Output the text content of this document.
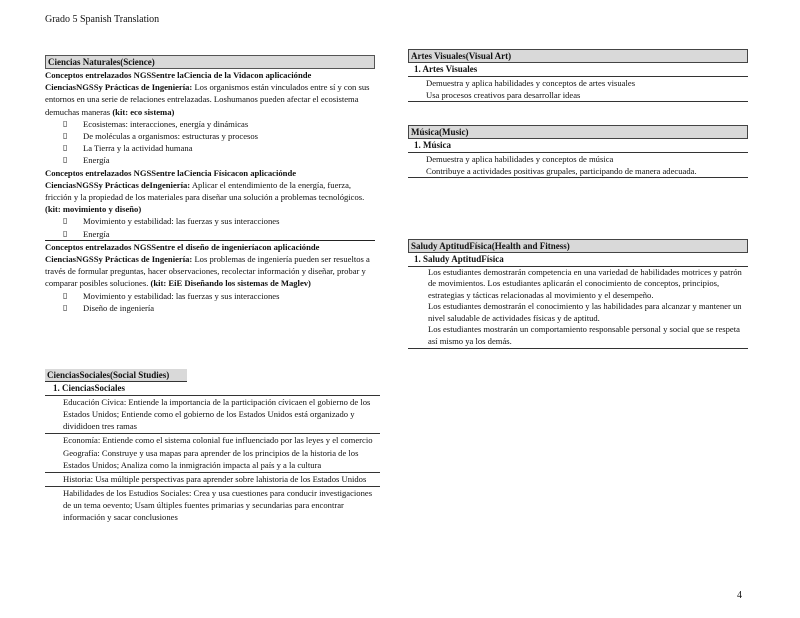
Grado 5 Spanish Translation
Ciencias Naturales(Science)
Conceptos entrelazados NGSSentre laCiencia de la Vidacon aplicaciónde
CienciasNGSSy Prácticas de Ingeniería: Los organismos están vinculados entre sí y con sus entornos en una serie de relaciones entrelazadas. Loshumanos pueden afectar el ecosistema demuchas maneras (kit: eco sistema)
▯ Ecosistemas: interacciones, energía y dinámicas
▯ De moléculas a organismos: estructuras y procesos
▯ La Tierra y la actividad humana
▯ Energía
Conceptos entrelazados NGSSentre laCiencia Físicacon aplicaciónde
CienciasNGSSy Prácticas deIngeniería: Aplicar el entendimiento de la energía, fuerza, fricción y la propiedad de los materiales para diseñar una solución a problemas tecnológicos. (kit: movimiento y diseño)
▯ Movimiento y estabilidad: las fuerzas y sus interacciones
▯ Energía
Conceptos entrelazados NGSSentre el diseño de ingenieríacon aplicaciónde
CienciasNGSSy Prácticas de Ingeniería: Los problemas de ingeniería pueden ser resueltos a través de formular preguntas, hacer observaciones, recolectar información y diseñar, probar y comparar posibles soluciones. (kit: EiE Diseñando los sistemas de Maglev)
▯ Movimiento y estabilidad: las fuerzas y sus interacciones
▯ Diseño de ingeniería
CienciasSociales(Social Studies)
1. CienciasSociales
Educación Cívica: Entiende la importancia de la participación cívicaen el gobierno de los Estados Unidos; Entiende como el gobierno de los Estados Unidos está organizado y divididoen tres ramas
Economía: Entiende como el sistema colonial fue influenciado por las leyes y el comercio
Geografía: Construye y usa mapas para aprender de los principios de la historia de los Estados Unidos; Analiza como la inmigración impacta al país y a la cultura
Historia: Usa múltiple perspectivas para aprender sobre lahistoria de los Estados Unidos
Habilidades de los Estudios Sociales: Crea y usa cuestiones para conducir investigaciones de un tema oevento; Usam últiples fuentes primarias y secundarias para encontrar información y sacar conclusiones
Artes Visuales(Visual Art)
1. Artes Visuales
Demuestra y aplica habilidades y conceptos de artes visuales
Usa procesos creativos para desarrollar ideas
Música(Music)
1. Música
Demuestra y aplica habilidades y conceptos de música
Contribuye a actividades positivas grupales, participando de manera adecuada.
Saludy AptitudFísica(Health and Fitness)
1. Saludy AptitudFísica
Los estudiantes demostrarán competencia en una variedad de habilidades motrices y patrón de movimientos. Los estudiantes aplicarán el conocimiento de conceptos, principios, estrategias y tácticas relacionadas al movimiento y el desempeño.
Los estudiantes demostrarán el conocimiento y las habilidades para alcanzar y mantener un nivel saludable de actividades físicas y de aptitud.
Los estudiantes mostrarán un comportamiento responsable personal y social que se respeta así mismo ya los demás.
4
